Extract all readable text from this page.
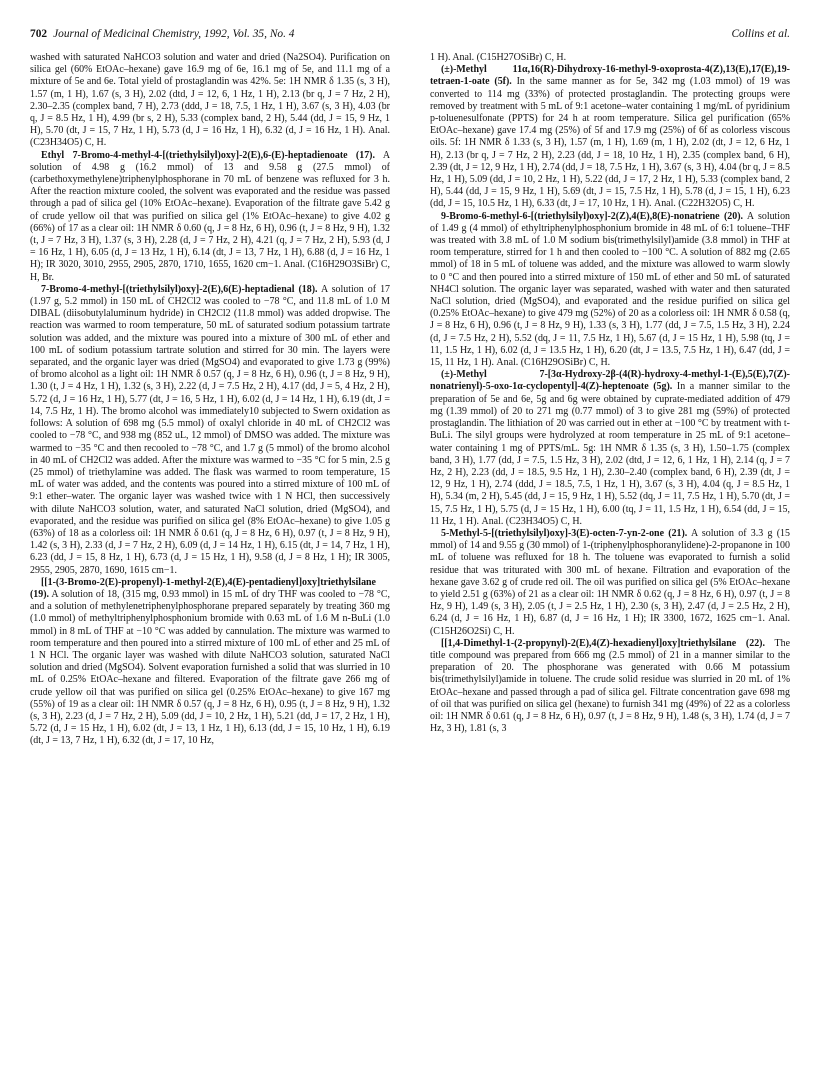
702 Journal of Medicinal Chemistry, 1992, Vol. 35, No. 4	Collins et al.

washed with saturated NaHCO3 solution and water and dried (Na2SO4). Purification on silica gel (60% EtOAc–hexane) gave 16.9 mg of 6e, 16.1 mg of 5e, and 11.1 mg of a mixture of 5e and 6e. Total yield of prostaglandin was 42%. 5e: 1H NMR δ 1.35 (s, 3 H), 1.57 (m, 1 H), 1.67 (s, 3 H), 2.02 (dtd, J = 12, 6, 1 Hz, 1 H), 2.13 (br q, J = 7 Hz, 2 H), 2.30–2.35 (complex band, 7 H), 2.73 (ddd, J = 18, 7.5, 1 Hz, 1 H), 3.67 (s, 3 H), 4.03 (br q, J = 8.5 Hz, 1 H), 4.99 (br s, 2 H), 5.33 (complex band, 2 H), 5.44 (dd, J = 15, 9 Hz, 1 H), 5.70 (dt, J = 15, 7 Hz, 1 H), 5.73 (d, J = 16 Hz, 1 H), 6.32 (d, J = 16 Hz, 1 H). Anal. (C23H34O5) C, H.

Ethyl 7-Bromo-4-methyl-4-[(triethylsilyl)oxy]-2(E),6-(E)-heptadienoate (17). A solution of 4.98 g (16.2 mmol) of 13 and 9.58 g (27.5 mmol) of (carbethoxymethylene)triphenylphosphorane in 70 mL of benzene was refluxed for 3 h. After the reaction mixture cooled, the solvent was evaporated and the residue was passed through a pad of silica gel (10% EtOAc–hexane). Evaporation of the filtrate gave 5.42 g of crude yellow oil that was purified on silica gel (1% EtOAc–hexane) to give 4.02 g (66%) of 17 as a clear oil: 1H NMR δ 0.60 (q, J = 8 Hz, 6 H), 0.96 (t, J = 8 Hz, 9 H), 1.32 (t, J = 7 Hz, 3 H), 1.37 (s, 3 H), 2.28 (d, J = 7 Hz, 2 H), 4.21 (q, J = 7 Hz, 2 H), 5.93 (d, J = 16 Hz, 1 H), 6.05 (d, J = 13 Hz, 1 H), 6.14 (dt, J = 13, 7 Hz, 1 H), 6.88 (d, J = 16 Hz, 1 H); IR 3020, 3010, 2955, 2905, 2870, 1710, 1655, 1620 cm−1. Anal. (C16H29O3SiBr) C, H, Br.

7-Bromo-4-methyl-[(triethylsilyl)oxy]-2(E),6(E)-heptadienal (18). A solution of 17 (1.97 g, 5.2 mmol) in 150 mL of CH2Cl2 was cooled to −78 °C, and 11.8 mL of 1.0 M DIBAL (diisobutylaluminum hydride) in CH2Cl2 (11.8 mmol) was added dropwise. The reaction was warmed to room temperature, 50 mL of saturated sodium potassium tartrate solution was added, and the mixture was poured into a mixture of 300 mL of ether and 100 mL of sodium potassium tartrate solution and stirred for 30 min. The layers were separated, and the organic layer was dried (MgSO4) and evaporated to give 1.73 g (99%) of bromo alcohol as a light oil: 1H NMR δ 0.57 (q, J = 8 Hz, 6 H), 0.96 (t, J = 8 Hz, 9 H), 1.30 (t, J = 4 Hz, 1 H), 1.32 (s, 3 H), 2.22 (d, J = 7.5 Hz, 2 H), 4.17 (dd, J = 5, 4 Hz, 2 H), 5.72 (d, J = 16 Hz, 1 H), 5.77 (dt, J = 16, 5 Hz, 1 H), 6.02 (d, J = 14 Hz, 1 H), 6.19 (dt, J = 14, 7.5 Hz, 1 H). The bromo alcohol was immediately10 subjected to Swern oxidation as follows: A solution of 698 mg (5.5 mmol) of oxalyl chloride in 40 mL of CH2Cl2 was cooled to −78 °C, and 938 mg (852 uL, 12 mmol) of DMSO was added. The mixture was warmed to −35 °C and then recooled to −78 °C, and 1.7 g (5 mmol) of the bromo alcohol in 40 mL of CH2Cl2 was added. After the mixture was warmed to −35 °C for 5 min, 2.5 g (25 mmol) of triethylamine was added. The flask was warmed to room temperature, 15 mL of water was added, and the contents was poured into a stirred mixture of 100 mL of 9:1 ether–water. The organic layer was washed twice with 1 N HCl, then successively with dilute NaHCO3 solution, water, and saturated NaCl solution, dried (MgSO4), and evaporated, and the residue was purified on silica gel (8% EtOAc–hexane) to give 1.05 g (63%) of 18 as a colorless oil: 1H NMR δ 0.61 (q, J = 8 Hz, 6 H), 0.97 (t, J = 8 Hz, 9 H), 1.42 (s, 3 H), 2.33 (d, J = 7 Hz, 2 H), 6.09 (d, J = 14 Hz, 1 H), 6.15 (dt, J = 14, 7 Hz, 1 H), 6.23 (dd, J = 15, 8 Hz, 1 H), 6.73 (d, J = 15 Hz, 1 H), 9.58 (d, J = 8 Hz, 1 H); IR 3005, 2955, 2905, 2870, 1690, 1615 cm−1.

[[1-(3-Bromo-2(E)-propenyl)-1-methyl-2(E),4(E)-pentadienyl]oxy]triethylsilane (19). A solution of 18, (315 mg, 0.93 mmol) in 15 mL of dry THF was cooled to −78 °C, and a solution of methylenetriphenylphosphorane prepared separately by treating 360 mg (1.0 mmol) of methyltriphenylphosphonium bromide with 0.63 mL of 1.6 M n-BuLi (1.0 mmol) in 8 mL of THF at −10 °C was added by cannulation. The mixture was warmed to room temperature and then poured into a stirred mixture of 100 mL of ether and 25 mL of 1 N HCl. The organic layer was washed with dilute NaHCO3 solution, saturated NaCl solution and dried (MgSO4). Solvent evaporation furnished a solid that was slurried in 10 mL of 0.25% EtOAc–hexane and filtered. Evaporation of the filtrate gave 266 mg of crude yellow oil that was purified on silica gel (0.25% EtOAc–hexane) to give 167 mg (55%) of 19 as a clear oil: 1H NMR δ 0.57 (q, J = 8 Hz, 6 H), 0.95 (t, J = 8 Hz, 9 H), 1.32 (s, 3 H), 2.23 (d, J = 7 Hz, 2 H), 5.09 (dd, J = 10, 2 Hz, 1 H), 5.21 (dd, J = 17, 2 Hz, 1 H), 5.72 (d, J = 15 Hz, 1 H), 6.02 (dt, J = 13, 1 Hz, 1 H), 6.13 (dd, J = 15, 10 Hz, 1 H), 6.19 (dt, J = 13, 7 Hz, 1 H), 6.32 (dt, J = 17, 10 Hz,

1 H). Anal. (C15H27OSiBr) C, H.

(±)-Methyl 11α,16(R)-Dihydroxy-16-methyl-9-oxoprosta-4(Z),13(E),17(E),19-tetraen-1-oate (5f). In the same manner as for 5e, 342 mg (1.03 mmol) of 19 was converted to 114 mg (33%) of protected prostaglandin. The protecting groups were removed by treatment with 5 mL of 9:1 acetone–water containing 1 mg/mL of pyridinium p-toluenesulfonate (PPTS) for 24 h at room temperature. Silica gel purification (65% EtOAc–hexane) gave 17.4 mg (25%) of 5f and 17.9 mg (25%) of 6f as colorless viscous oils. 5f: 1H NMR δ 1.33 (s, 3 H), 1.57 (m, 1 H), 1.69 (m, 1 H), 2.02 (dt, J = 12, 6 Hz, 1 H), 2.13 (br q, J = 7 Hz, 2 H), 2.23 (dd, J = 18, 10 Hz, 1 H), 2.35 (complex band, 6 H), 2.39 (dt, J = 12, 9 Hz, 1 H), 2.74 (dd, J = 18, 7.5 Hz, 1 H), 3.67 (s, 3 H), 4.04 (br q, J = 8.5 Hz, 1 H), 5.09 (dd, J = 10, 2 Hz, 1 H), 5.22 (dd, J = 17, 2 Hz, 1 H), 5.33 (complex band, 2 H), 5.44 (dd, J = 15, 9 Hz, 1 H), 5.69 (dt, J = 15, 7.5 Hz, 1 H), 5.78 (d, J = 15, 1 H), 6.23 (dd, J = 15, 10.5 Hz, 1 H), 6.33 (dt, J = 17, 10 Hz, 1 H). Anal. (C22H32O5) C, H.

9-Bromo-6-methyl-6-[(triethylsilyl)oxy]-2(Z),4(E),8(E)-nonatriene (20). A solution of 1.49 g (4 mmol) of ethyltriphenylphosphonium bromide in 48 mL of 6:1 toluene–THF was treated with 3.8 mL of 1.0 M sodium bis(trimethylsilyl)amide (3.8 mmol) in THF at room temperature, stirred for 1 h and then cooled to −100 °C. A solution of 882 mg (2.65 mmol) of 18 in 5 mL of toluene was added, and the mixture was allowed to warm slowly to 0 °C and then poured into a stirred mixture of 150 mL of ether and 50 mL of saturated NH4Cl solution. The organic layer was separated, washed with water and then saturated NaCl solution, dried (MgSO4), and evaporated and the residue purified on silica gel (0.25% EtOAc–hexane) to give 479 mg (52%) of 20 as a colorless oil: 1H NMR δ 0.58 (q, J = 8 Hz, 6 H), 0.96 (t, J = 8 Hz, 9 H), 1.33 (s, 3 H), 1.77 (dd, J = 7.5, 1.5 Hz, 3 H), 2.24 (d, J = 7.5 Hz, 2 H), 5.52 (dq, J = 11, 7.5 Hz, 1 H), 5.67 (d, J = 15 Hz, 1 H), 5.98 (tq, J = 11, 1.5 Hz, 1 H), 6.02 (d, J = 13.5 Hz, 1 H), 6.20 (dt, J = 13.5, 7.5 Hz, 1 H), 6.47 (dd, J = 15, 11 Hz, 1 H). Anal. (C16H29OSiBr) C, H.

(±)-Methyl 7-[3α-Hydroxy-2β-(4(R)-hydroxy-4-methyl-1-(E),5(E),7(Z)-nonatrienyl)-5-oxo-1α-cyclopentyl]-4(Z)-heptenoate (5g). In a manner similar to the preparation of 5e and 6e, 5g and 6g were obtained by cuprate-mediated addition of 479 mg (1.39 mmol) of 20 to 271 mg (0.77 mmol) of 3 to give 281 mg (59%) of protected prostaglandin. The lithiation of 20 was carried out in ether at −100 °C by treatment with t-BuLi. The silyl groups were hydrolyzed at room temperature in 25 mL of 9:1 acetone–water containing 1 mg of PPTS/mL. 5g: 1H NMR δ 1.35 (s, 3 H), 1.50–1.75 (complex band, 3 H), 1.77 (dd, J = 7.5, 1.5 Hz, 3 H), 2.02 (dtd, J = 12, 6, 1 Hz, 1 H), 2.14 (q, J = 7 Hz, 2 H), 2.23 (dd, J = 18.5, 9.5 Hz, 1 H), 2.30–2.40 (complex band, 6 H), 2.39 (dt, J = 12, 9 Hz, 1 H), 2.74 (ddd, J = 18.5, 7.5, 1 Hz, 1 H), 3.67 (s, 3 H), 4.04 (q, J = 8.5 Hz, 1 H), 5.34 (m, 2 H), 5.45 (dd, J = 15, 9 Hz, 1 H), 5.52 (dq, J = 11, 7.5 Hz, 1 H), 5.70 (dt, J = 15, 7.5 Hz, 1 H), 5.75 (d, J = 15 Hz, 1 H), 6.00 (tq, J = 11, 1.5 Hz, 1 H), 6.54 (dd, J = 15, 11 Hz, 1 H). Anal. (C23H34O5) C, H.

5-Methyl-5-[(triethylsilyl)oxy]-3(E)-octen-7-yn-2-one (21). A solution of 3.3 g (15 mmol) of 14 and 9.55 g (30 mmol) of 1-(triphenylphosphoranylidene)-2-propanone in 100 mL of toluene was refluxed for 18 h. The toluene was evaporated to furnish a solid residue that was triturated with 300 mL of hexane. Filtration and evaporation of the hexane gave 3.62 g of crude red oil. The oil was purified on silica gel (5% EtOAc–hexane to yield 2.51 g (63%) of 21 as a clear oil: 1H NMR δ 0.62 (q, J = 8 Hz, 6 H), 0.97 (t, J = 8 Hz, 9 H), 1.49 (s, 3 H), 2.05 (t, J = 2.5 Hz, 1 H), 2.30 (s, 3 H), 2.47 (d, J = 2.5 Hz, 2 H), 6.24 (d, J = 16 Hz, 1 H), 6.87 (d, J = 16 Hz, 1 H); IR 3300, 1672, 1625 cm−1. Anal. (C15H26O2Si) C, H.

[[1,4-Dimethyl-1-(2-propynyl)-2(E),4(Z)-hexadienyl]oxy]triethylsilane (22). The title compound was prepared from 666 mg (2.5 mmol) of 21 in a manner similar to the preparation of 20. The phosphorane was generated with 0.66 M potassium bis(trimethylsilyl)amide in toluene. The crude solid residue was slurried in 20 mL of 1% EtOAc–hexane and passed through a pad of silica gel. Filtrate concentration gave 698 mg of oil that was purified on silica gel (hexane) to furnish 341 mg (49%) of 22 as a colorless oil: 1H NMR δ 0.61 (q, J = 8 Hz, 6 H), 0.97 (t, J = 8 Hz, 9 H), 1.48 (s, 3 H), 1.74 (d, J = 7 Hz, 3 H), 1.81 (s, 3
